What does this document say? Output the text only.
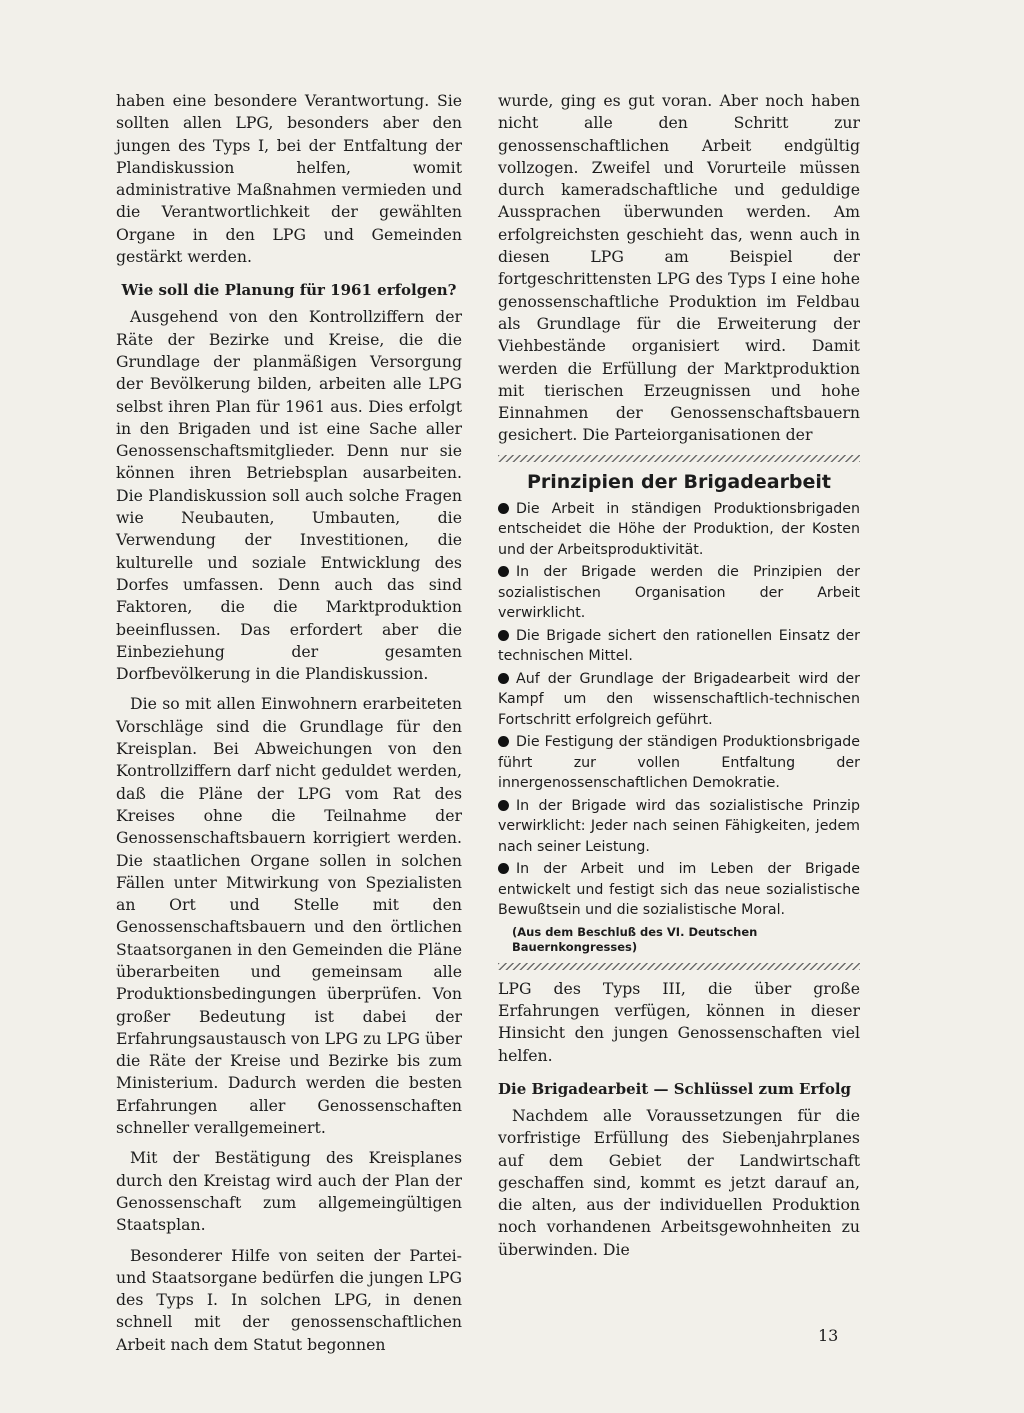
haben eine besondere Verantwortung. Sie sollten allen LPG, besonders aber den jungen des Typs I, bei der Entfaltung der Plandiskussion helfen, womit administrative Maßnahmen vermieden und die Verantwortlichkeit der gewählten Organe in den LPG und Gemeinden gestärkt werden.

Wie soll die Planung für 1961 erfolgen?

Ausgehend von den Kontrollziffern der Räte der Bezirke und Kreise, die die Grundlage der planmäßigen Versorgung der Bevölkerung bilden, arbeiten alle LPG selbst ihren Plan für 1961 aus. Dies erfolgt in den Brigaden und ist eine Sache aller Genossenschaftsmitglieder. Denn nur sie können ihren Betriebsplan ausarbeiten. Die Plandiskussion soll auch solche Fragen wie Neubauten, Umbauten, die Verwendung der Investitionen, die kulturelle und soziale Entwicklung des Dorfes umfassen. Denn auch das sind Faktoren, die die Marktproduktion beeinflussen. Das erfordert aber die Einbeziehung der gesamten Dorfbevölkerung in die Plandiskussion.

Die so mit allen Einwohnern erarbeiteten Vorschläge sind die Grundlage für den Kreisplan. Bei Abweichungen von den Kontrollziffern darf nicht geduldet werden, daß die Pläne der LPG vom Rat des Kreises ohne die Teilnahme der Genossenschaftsbauern korrigiert werden. Die staatlichen Organe sollen in solchen Fällen unter Mitwirkung von Spezialisten an Ort und Stelle mit den Genossenschaftsbauern und den örtlichen Staatsorganen in den Gemeinden die Pläne überarbeiten und gemeinsam alle Produktionsbedingungen überprüfen. Von großer Bedeutung ist dabei der Erfahrungsaustausch von LPG zu LPG über die Räte der Kreise und Bezirke bis zum Ministerium. Dadurch werden die besten Erfahrungen aller Genossenschaften schneller verallgemeinert.

Mit der Bestätigung des Kreisplanes durch den Kreistag wird auch der Plan der Genossenschaft zum allgemeingültigen Staatsplan.

Besonderer Hilfe von seiten der Partei- und Staatsorgane bedürfen die jungen LPG des Typs I. In solchen LPG, in denen schnell mit der genossenschaftlichen Arbeit nach dem Statut begonnen

wurde, ging es gut voran. Aber noch haben nicht alle den Schritt zur genossenschaftlichen Arbeit endgültig vollzogen. Zweifel und Vorurteile müssen durch kameradschaftliche und geduldige Aussprachen überwunden werden. Am erfolgreichsten geschieht das, wenn auch in diesen LPG am Beispiel der fortgeschrittensten LPG des Typs I eine hohe genossenschaftliche Produktion im Feldbau als Grundlage für die Erweiterung der Viehbestände organisiert wird. Damit werden die Erfüllung der Marktproduktion mit tierischen Erzeugnissen und hohe Einnahmen der Genossenschaftsbauern gesichert. Die Parteiorganisationen der

Prinzipien der Brigadearbeit
Die Arbeit in ständigen Produktionsbrigaden entscheidet die Höhe der Produktion, der Kosten und der Arbeitsproduktivität.
In der Brigade werden die Prinzipien der sozialistischen Organisation der Arbeit verwirklicht.
Die Brigade sichert den rationellen Einsatz der technischen Mittel.
Auf der Grundlage der Brigadearbeit wird der Kampf um den wissenschaftlich-technischen Fortschritt erfolgreich geführt.
Die Festigung der ständigen Produktionsbrigade führt zur vollen Entfaltung der innergenossenschaftlichen Demokratie.
In der Brigade wird das sozialistische Prinzip verwirklicht: Jeder nach seinen Fähigkeiten, jedem nach seiner Leistung.
In der Arbeit und im Leben der Brigade entwickelt und festigt sich das neue sozialistische Bewußtsein und die sozialistische Moral.
(Aus dem Beschluß des VI. Deutschen Bauernkongresses)

LPG des Typs III, die über große Erfahrungen verfügen, können in dieser Hinsicht den jungen Genossenschaften viel helfen.

Die Brigadearbeit — Schlüssel zum Erfolg

Nachdem alle Voraussetzungen für die vorfristige Erfüllung des Siebenjahrplanes auf dem Gebiet der Landwirtschaft geschaffen sind, kommt es jetzt darauf an, die alten, aus der individuellen Produktion noch vorhandenen Arbeitsgewohnheiten zu überwinden. Die

13
